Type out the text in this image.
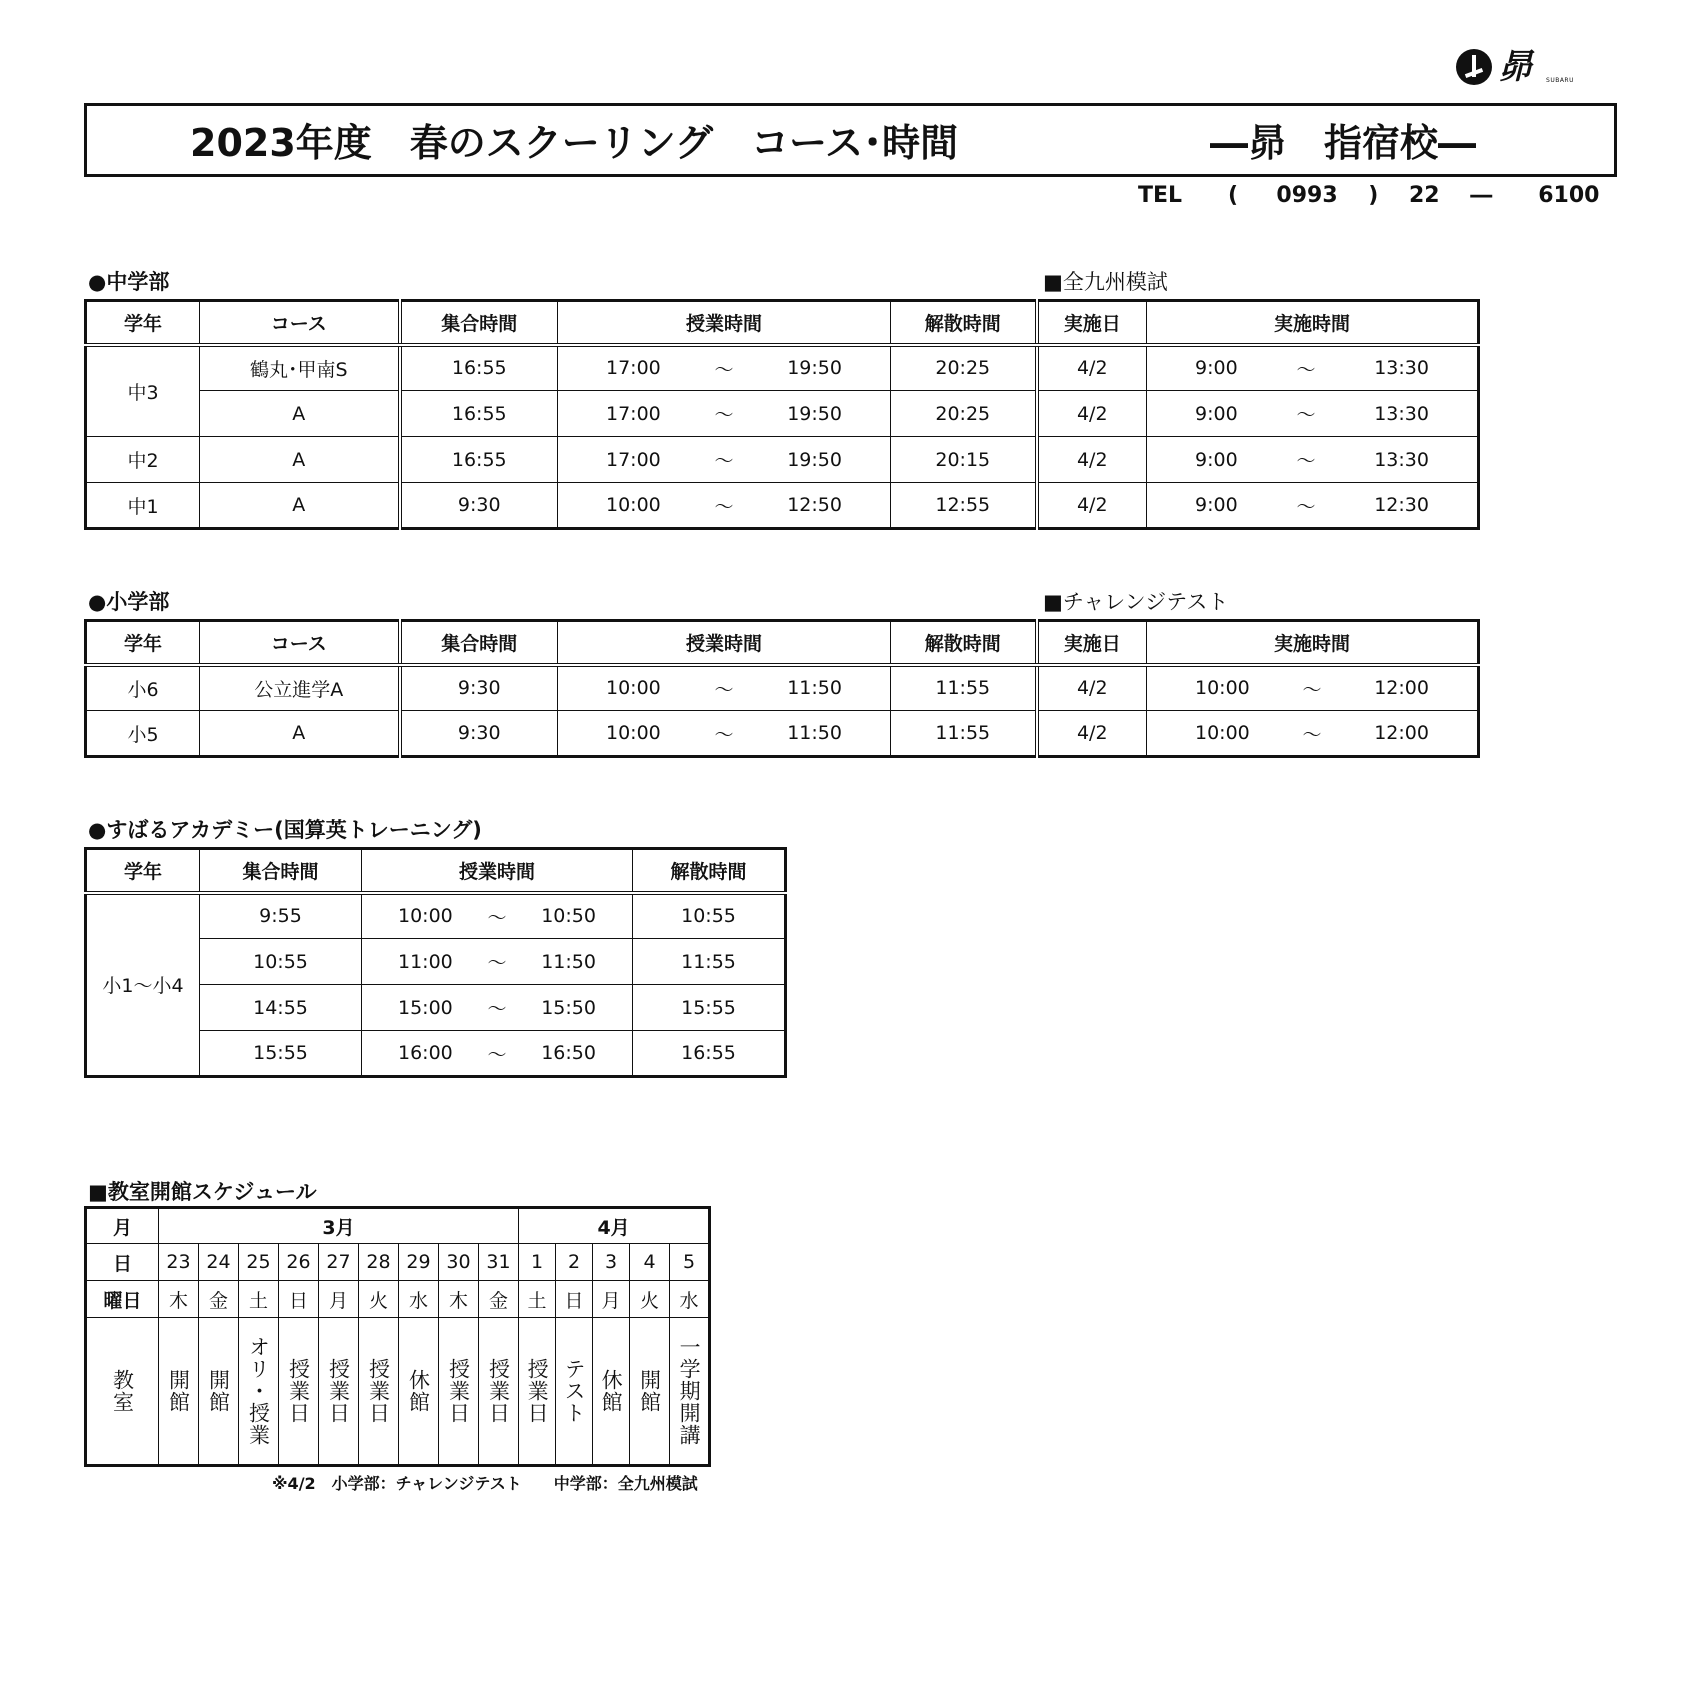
昴 SUBARU
2023年度　春のスクーリング　コース･時間	―昴　指宿校―
TEL ( 0993 ) 22 ― 6100
●中学部	■全九州模試
学年	コース	集合時間	授業時間	解散時間	実施日	実施時間
中3	鶴丸･甲南S	16:55	17:00 ～ 19:50	20:25	4/2	9:00 ～ 13:30

	A	16:55	17:00 ～ 19:50	20:25	4/2	9:00 ～ 13:30

中2	A	16:55	17:00 ～ 19:50	20:15	4/2	9:00 ～ 13:30

中1	A	9:30	10:00 ～ 12:50	12:55	4/2	9:00 ～ 12:30
●小学部	■チャレンジテスト
学年	コース	集合時間	授業時間	解散時間	実施日	実施時間
小6	公立進学A	9:30	10:00 ～ 11:50	11:55	4/2	10:00 ～ 12:00

小5	A	9:30	10:00 ～ 11:50	11:55	4/2	10:00 ～ 12:00
●すばるアカデミー(国算英トレーニング)
学年	集合時間	授業時間	解散時間
小1～小4	9:55	10:00 ～ 10:50	10:55
	10:55	11:00 ～ 11:50	11:55
	14:55	15:00 ～ 15:50	15:55
	15:55	16:00 ～ 16:50	16:55
■教室開館スケジュール
月	3月									4月				
日	23	24	25	26	27	28	29	30	31	1	2	3	4	5
曜日	木	金	土	日	月	火	水	木	金	土	日	月	火	水

教室	開館	開館	オリ・授業	授業日	授業日	授業日	休館	授業日	授業日	授業日	テスト	休館	開館	一学期開講
※4/2　小学部：チャレンジテスト　　中学部：全九州模試
